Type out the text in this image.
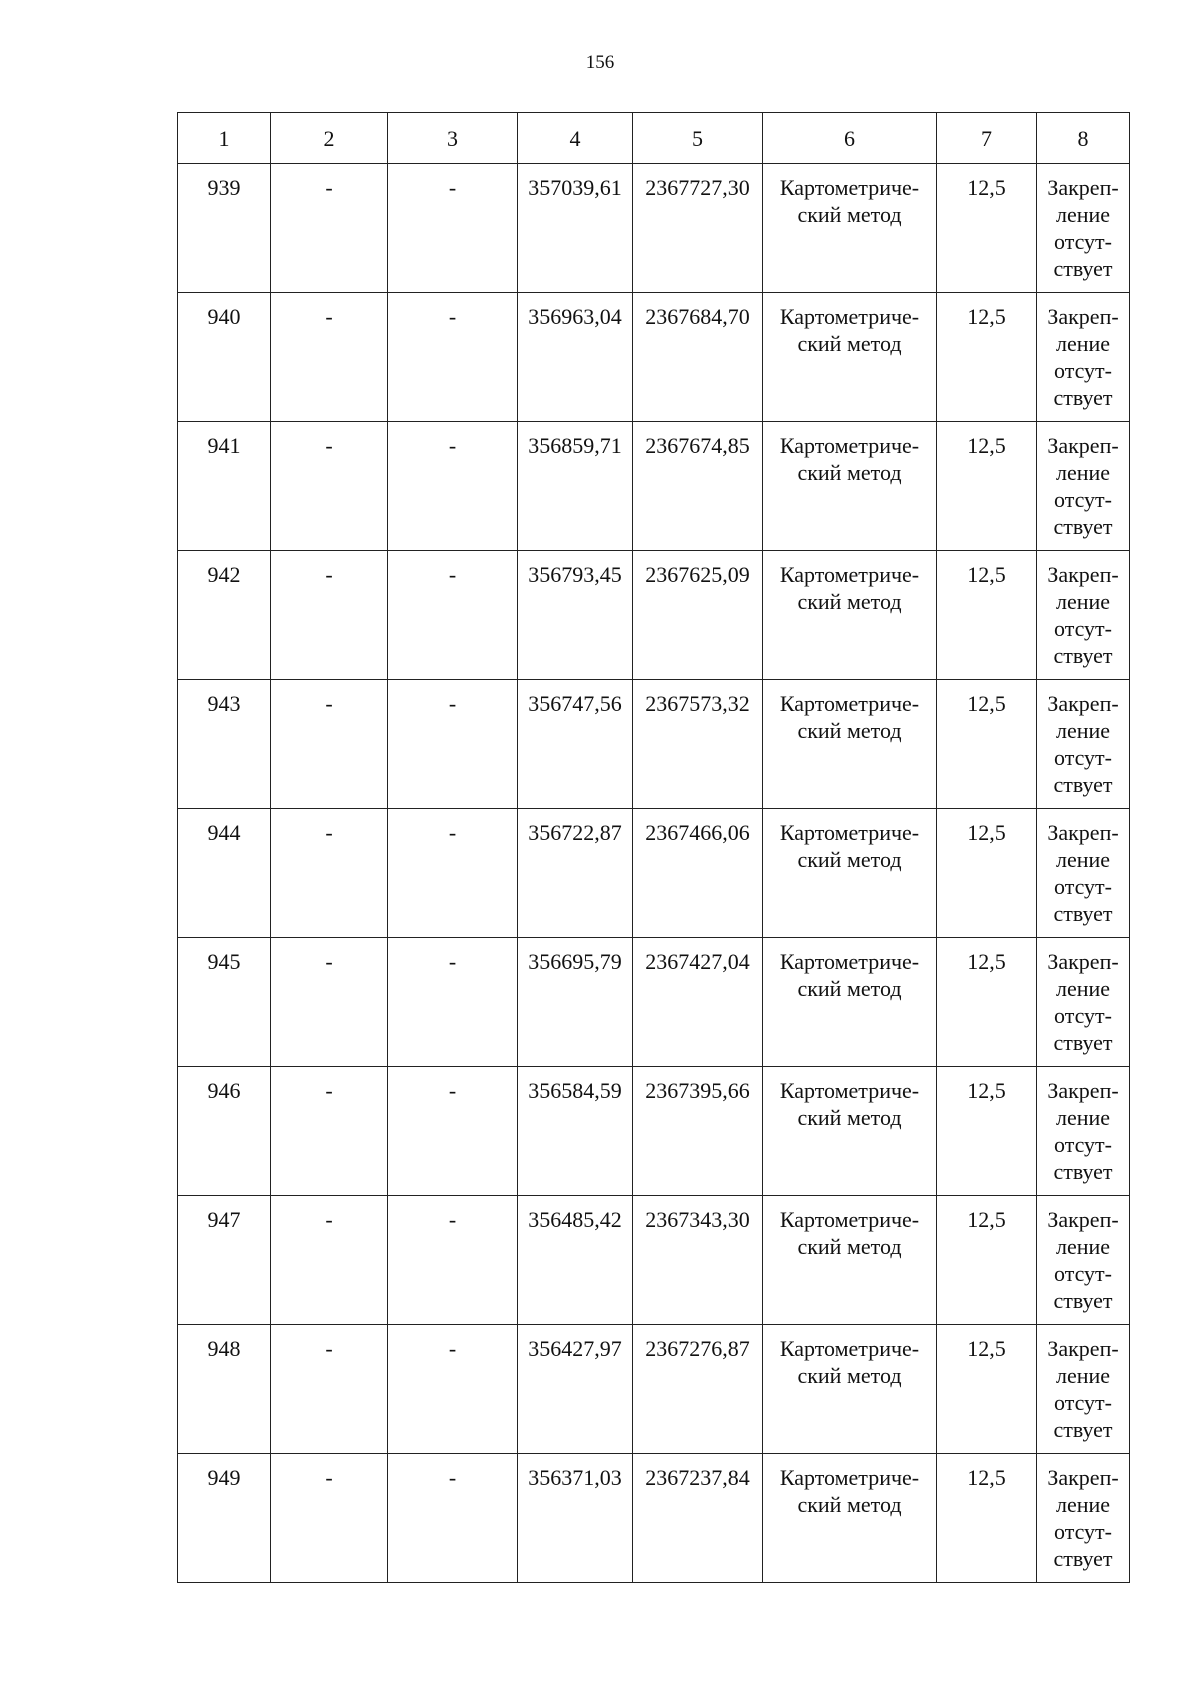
156
1	2	3	4	5	6	7	8
939	-	-	357039,61	2367727,30	Картометриче-ский метод	12,5	Закреп-ление отсут-ствует
940	-	-	356963,04	2367684,70	Картометриче-ский метод	12,5	Закреп-ление отсут-ствует
941	-	-	356859,71	2367674,85	Картометриче-ский метод	12,5	Закреп-ление отсут-ствует
942	-	-	356793,45	2367625,09	Картометриче-ский метод	12,5	Закреп-ление отсут-ствует
943	-	-	356747,56	2367573,32	Картометриче-ский метод	12,5	Закреп-ление отсут-ствует
944	-	-	356722,87	2367466,06	Картометриче-ский метод	12,5	Закреп-ление отсут-ствует
945	-	-	356695,79	2367427,04	Картометриче-ский метод	12,5	Закреп-ление отсут-ствует
946	-	-	356584,59	2367395,66	Картометриче-ский метод	12,5	Закреп-ление отсут-ствует
947	-	-	356485,42	2367343,30	Картометриче-ский метод	12,5	Закреп-ление отсут-ствует
948	-	-	356427,97	2367276,87	Картометриче-ский метод	12,5	Закреп-ление отсут-ствует
949	-	-	356371,03	2367237,84	Картометриче-ский метод	12,5	Закреп-ление отсут-ствует
